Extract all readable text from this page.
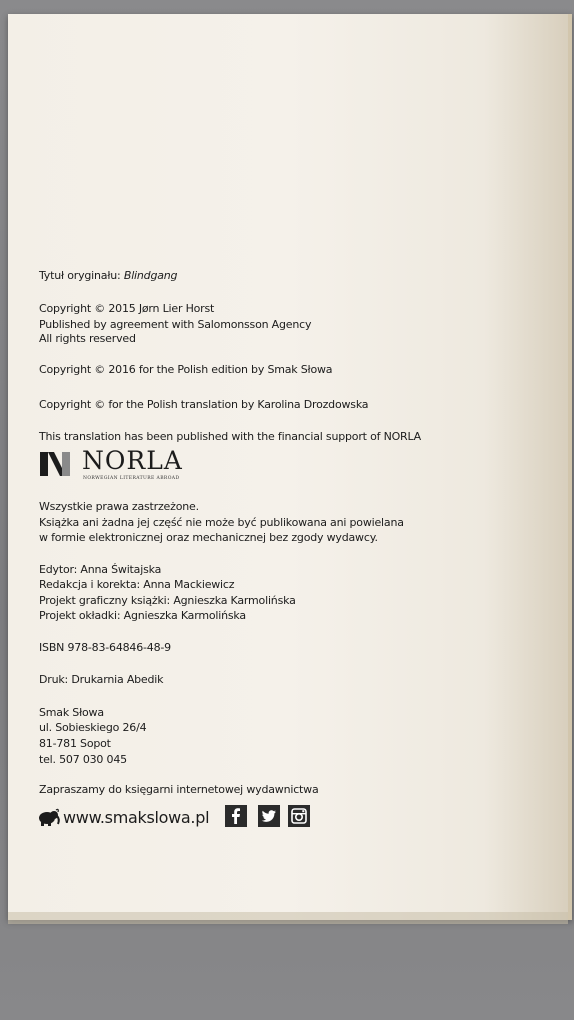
Tytuł oryginału: Blindgang

Copyright © 2015 Jørn Lier Horst

Published by agreement with Salomonsson Agency

All rights reserved

Copyright © 2016 for the Polish edition by Smak Słowa

Copyright © for the Polish translation by Karolina Drozdowska

This translation has been published with the financial support of NORLA

NORLA

NORWEGIAN LITERATURE ABROAD

Wszystkie prawa zastrzeżone.

Książka ani żadna jej część nie może być publikowana ani powielana

w formie elektronicznej oraz mechanicznej bez zgody wydawcy.

Edytor: Anna Świtajska

Redakcja i korekta: Anna Mackiewicz

Projekt graficzny książki: Agnieszka Karmolińska

Projekt okładki: Agnieszka Karmolińska

ISBN 978-83-64846-48-9

Druk: Drukarnia Abedik

Smak Słowa

ul. Sobieskiego 26/4

81-781 Sopot

tel. 507 030 045

Zapraszamy do księgarni internetowej wydawnictwa

www.smakslowa.pl
